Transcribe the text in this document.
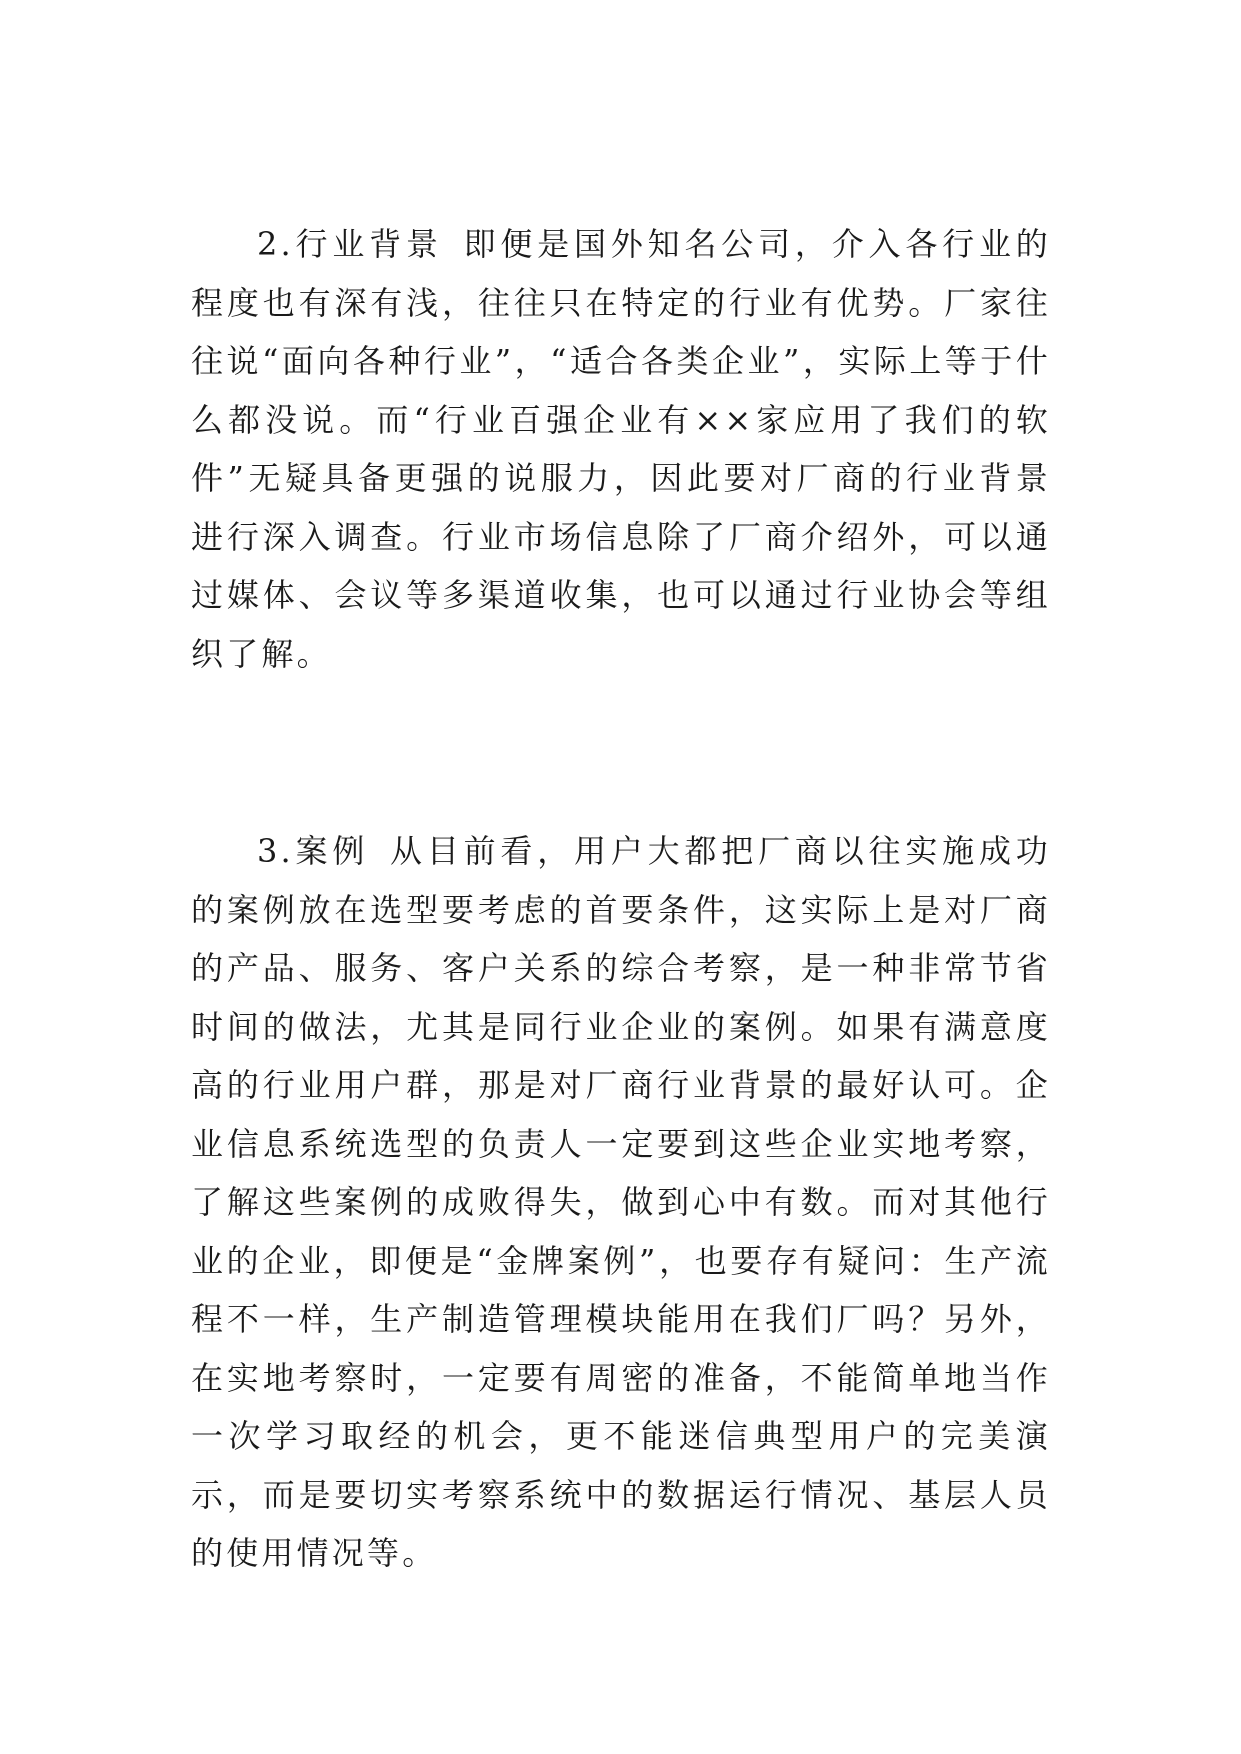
2.行业背景  即便是国外知名公司，介入各行业的程度也有深有浅，往往只在特定的行业有优势。厂家往往说“面向各种行业”，“适合各类企业”，实际上等于什么都没说。而“行业百强企业有××家应用了我们的软件”无疑具备更强的说服力，因此要对厂商的行业背景进行深入调查。行业市场信息除了厂商介绍外，可以通过媒体、会议等多渠道收集，也可以通过行业协会等组织了解。

3.案例  从目前看，用户大都把厂商以往实施成功的案例放在选型要考虑的首要条件，这实际上是对厂商的产品、服务、客户关系的综合考察，是一种非常节省时间的做法，尤其是同行业企业的案例。如果有满意度高的行业用户群，那是对厂商行业背景的最好认可。企业信息系统选型的负责人一定要到这些企业实地考察，了解这些案例的成败得失，做到心中有数。而对其他行业的企业，即便是“金牌案例”，也要存有疑问：生产流程不一样，生产制造管理模块能用在我们厂吗？另外，在实地考察时，一定要有周密的准备，不能简单地当作一次学习取经的机会，更不能迷信典型用户的完美演示，而是要切实考察系统中的数据运行情况、基层人员的使用情况等。
